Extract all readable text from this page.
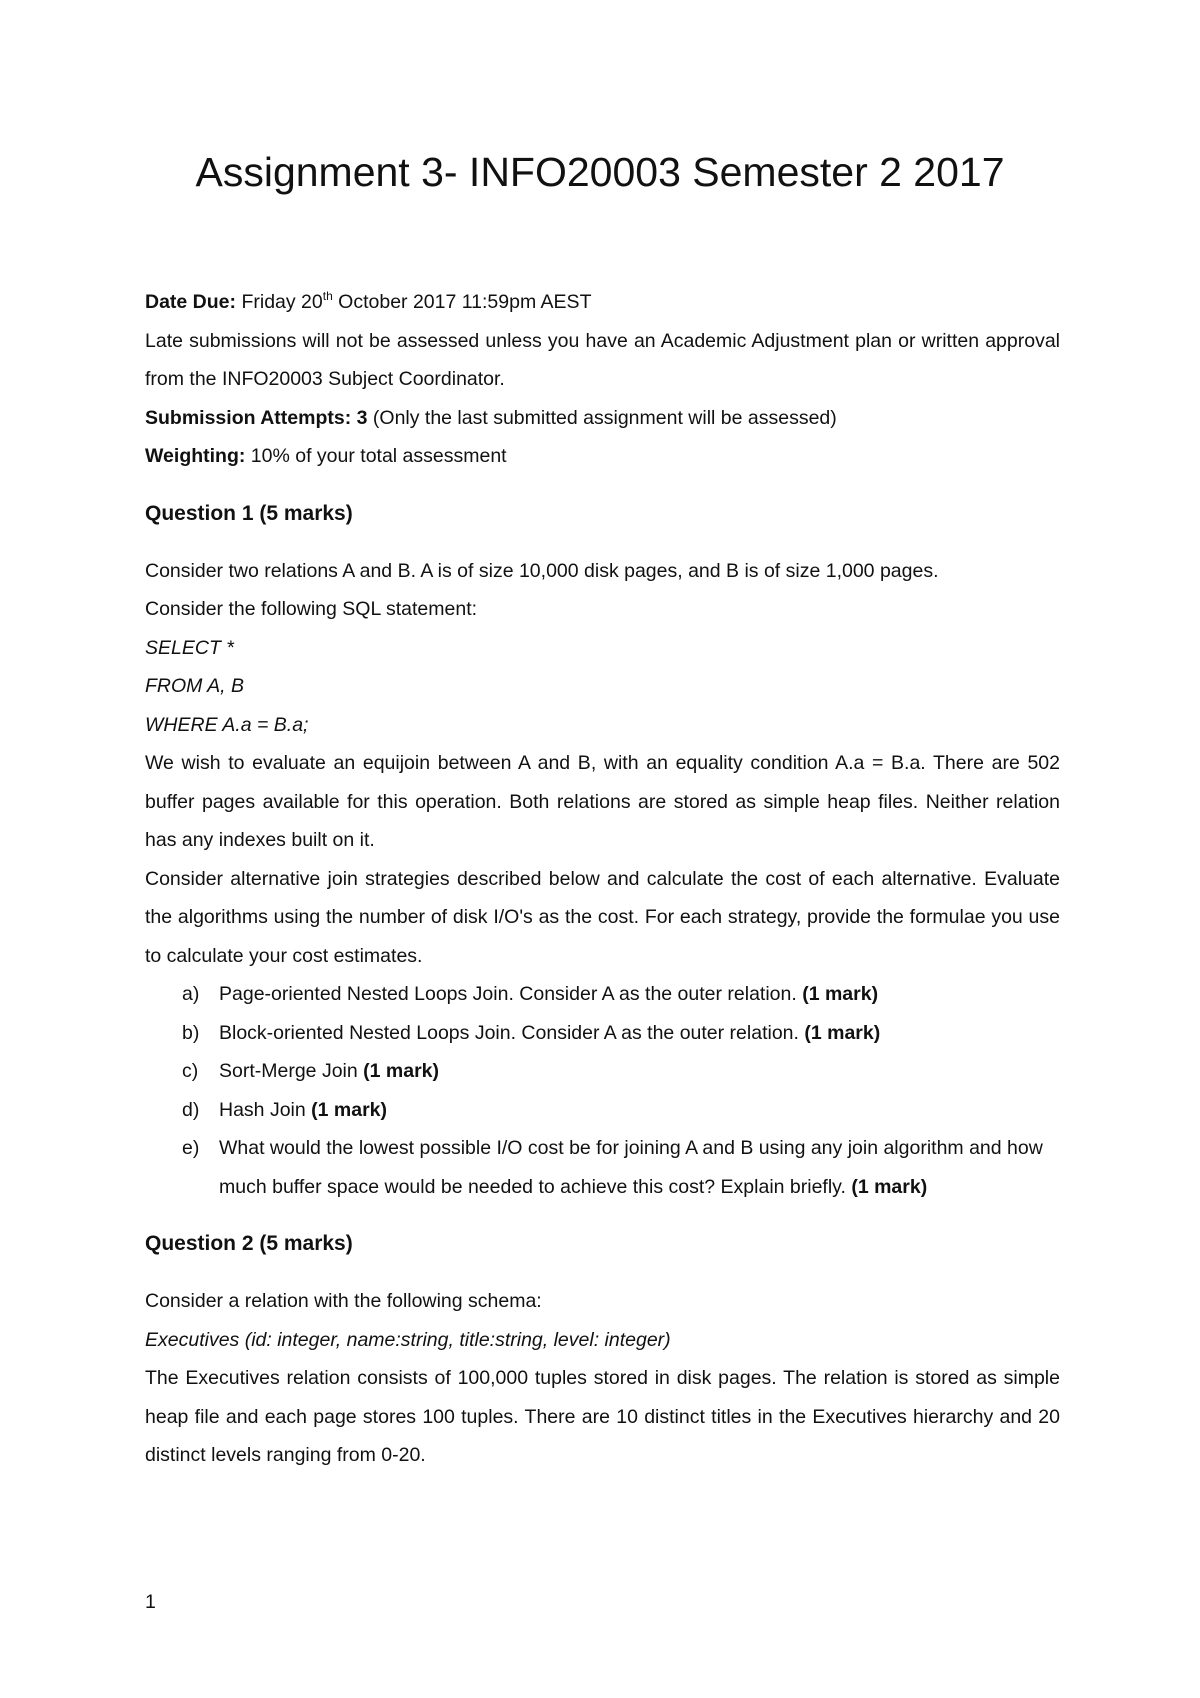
Assignment 3- INFO20003 Semester 2 2017

Date Due: Friday 20th October 2017 11:59pm AEST

Late submissions will not be assessed unless you have an Academic Adjustment plan or written approval from the INFO20003 Subject Coordinator.

Submission Attempts: 3 (Only the last submitted assignment will be assessed)

Weighting: 10% of your total assessment

Question 1 (5 marks)

Consider two relations A and B. A is of size 10,000 disk pages, and B is of size 1,000 pages.

Consider the following SQL statement:

SELECT *

FROM A, B

WHERE A.a = B.a;

We wish to evaluate an equijoin between A and B, with an equality condition A.a = B.a. There are 502 buffer pages available for this operation. Both relations are stored as simple heap files. Neither relation has any indexes built on it.

Consider alternative join strategies described below and calculate the cost of each alternative. Evaluate the algorithms using the number of disk I/O's as the cost. For each strategy, provide the formulae you use to calculate your cost estimates.

a) Page-oriented Nested Loops Join. Consider A as the outer relation. (1 mark)
b) Block-oriented Nested Loops Join. Consider A as the outer relation. (1 mark)
c) Sort-Merge Join (1 mark)
d) Hash Join (1 mark)
e) What would the lowest possible I/O cost be for joining A and B using any join algorithm and how much buffer space would be needed to achieve this cost? Explain briefly. (1 mark)

Question 2 (5 marks)

Consider a relation with the following schema:

Executives (id: integer, name:string, title:string, level: integer)

The Executives relation consists of 100,000 tuples stored in disk pages. The relation is stored as simple heap file and each page stores 100 tuples. There are 10 distinct titles in the Executives hierarchy and 20 distinct levels ranging from 0-20.

1
